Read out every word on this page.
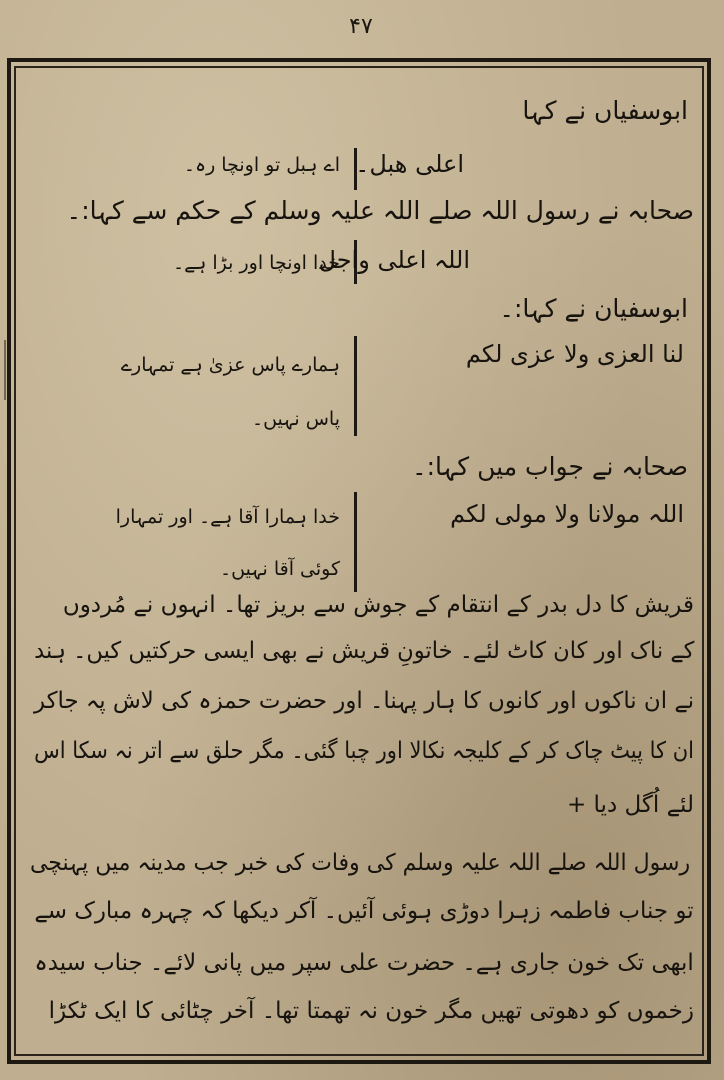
۴۷
ابوسفیاں نے کہا
اعلی ھبل۔
اے ہبل تو اونچا رہ۔
صحابہ نے رسول اللہ صلے اللہ علیہ وسلم کے حکم سے کہا:۔
اللہ اعلی واجل
خدا اونچا اور بڑا ہے۔
ابوسفیان نے کہا:۔
لنا العزی ولا عزی لکم
ہمارے پاس عزیٰ ہے تمہارے
پاس نہیں۔
صحابہ نے جواب میں کہا:۔
اللہ مولانا ولا مولی لکم
خدا ہمارا آقا ہے۔ اور تمہارا
کوئی آقا نہیں۔
قریش کا دل بدر کے انتقام کے جوش سے بریز تھا۔ انہوں نے مُردوں
کے ناک اور کان کاٹ لئے۔ خاتونِ قریش نے بھی ایسی حرکتیں کیں۔ ہند
نے ان ناکوں اور کانوں کا ہار پہنا۔ اور حضرت حمزہ کی لاش پہ جاکر
ان کا پیٹ چاک کر کے کلیجہ نکالا اور چبا گئی۔ مگر حلق سے اتر نہ سکا اس
لئے اُگل دیا +
رسول اللہ صلے اللہ علیہ وسلم کی وفات کی خبر جب مدینہ میں پہنچی
تو جناب فاطمہ زہرا دوڑی ہوئی آئیں۔ آکر دیکھا کہ چہرہ مبارک سے
ابھی تک خون جاری ہے۔ حضرت علی سپر میں پانی لائے۔ جناب سیدہ
زخموں کو دھوتی تھیں مگر خون نہ تھمتا تھا۔ آخر چٹائی کا ایک ٹکڑا
